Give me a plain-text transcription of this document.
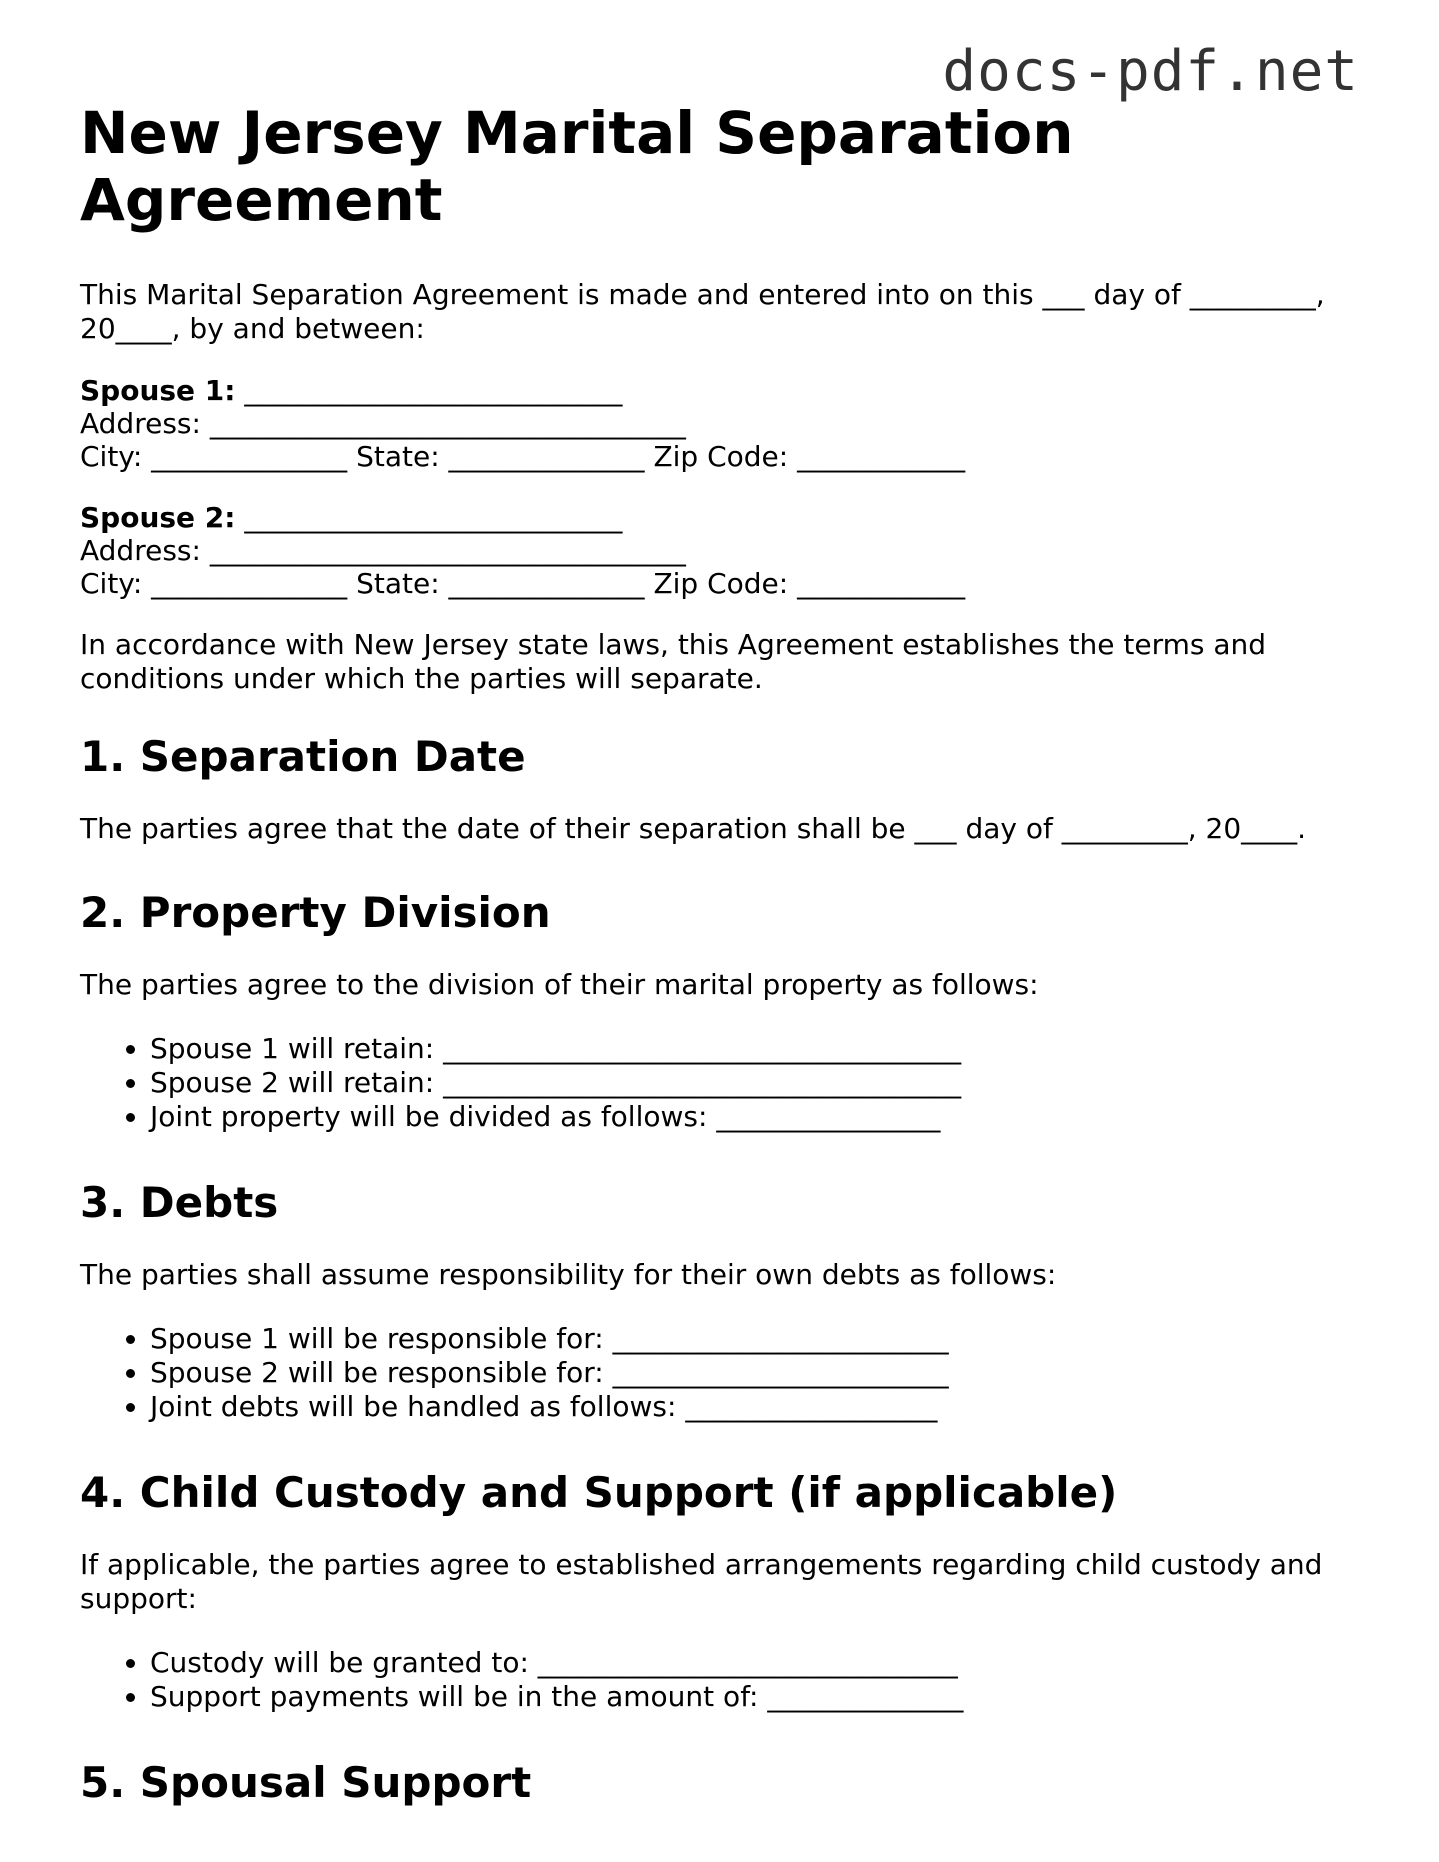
docs-pdf.net
New Jersey Marital Separation Agreement

This Marital Separation Agreement is made and entered into on this ___ day of _________, 20____, by and between:

Spouse 1: ___________________________
Address: __________________________________
City: ______________ State: ______________ Zip Code: ____________
Spouse 2: ___________________________
Address: __________________________________
City: ______________ State: ______________ Zip Code: ____________

In accordance with New Jersey state laws, this Agreement establishes the terms and conditions under which the parties will separate.

1. Separation Date

The parties agree that the date of their separation shall be ___ day of _________, 20____.

2. Property Division

The parties agree to the division of their marital property as follows:

• Spouse 1 will retain: _____________________________________
• Spouse 2 will retain: _____________________________________
• Joint property will be divided as follows: ________________
3. Debts

The parties shall assume responsibility for their own debts as follows:

• Spouse 1 will be responsible for: ________________________
• Spouse 2 will be responsible for: ________________________
• Joint debts will be handled as follows: __________________
4. Child Custody and Support (if applicable)

If applicable, the parties agree to established arrangements regarding child custody and support:

• Custody will be granted to: ______________________________
• Support payments will be in the amount of: ______________
5. Spousal Support
